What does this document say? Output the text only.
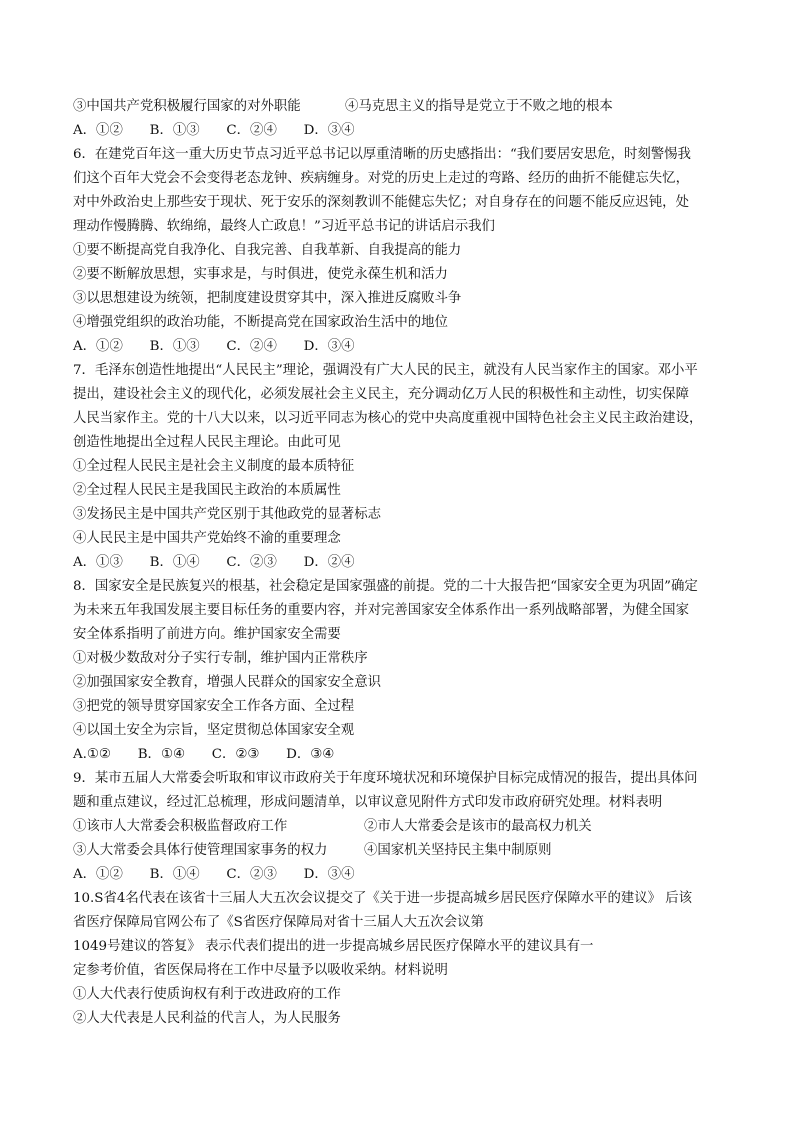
③中国共产党积极履行国家的对外职能	④马克思主义的指导是党立于不败之地的根本
A．①②　　B．①③　　C．②④　　D．③④
6．在建党百年这一重大历史节点习近平总书记以厚重清晰的历史感指出：“我们要居安思危，时刻警惕我
们这个百年大党会不会变得老态龙钟、疾病缠身。对党的历史上走过的弯路、经历的曲折不能健忘失忆，
对中外政治史上那些安于现状、死于安乐的深刻教训不能健忘失忆；对自身存在的问题不能反应迟钝，处
理动作慢腾腾、软绵绵，最终人亡政息！”习近平总书记的讲话启示我们
①要不断提高党自我净化、自我完善、自我革新、自我提高的能力
②要不断解放思想，实事求是，与时俱进，使党永葆生机和活力
③以思想建设为统领，把制度建设贯穿其中，深入推进反腐败斗争
④增强党组织的政治功能，不断提高党在国家政治生活中的地位
A．①②　　B．①③　　C．②④　　D．③④
7．毛泽东创造性地提出“人民民主”理论，强调没有广大人民的民主，就没有人民当家作主的国家。邓小平
提出，建设社会主义的现代化，必须发展社会主义民主，充分调动亿万人民的积极性和主动性，切实保障
人民当家作主。党的十八大以来，以习近平同志为核心的党中央高度重视中国特色社会主义民主政治建设，
创造性地提出全过程人民民主理论。由此可见
①全过程人民民主是社会主义制度的最本质特征
②全过程人民民主是我国民主政治的本质属性
③发扬民主是中国共产党区别于其他政党的显著标志
④人民民主是中国共产党始终不渝的重要理念
A．①③　　B．①④　　C．②③　　D．②④
8．国家安全是民族复兴的根基，社会稳定是国家强盛的前提。党的二十大报告把“国家安全更为巩固”确定
为未来五年我国发展主要目标任务的重要内容，并对完善国家安全体系作出一系列战略部署，为健全国家
安全体系指明了前进方向。维护国家安全需要
①对极少数敌对分子实行专制，维护国内正常秩序
②加强国家安全教育，增强人民群众的国家安全意识
③把党的领导贯穿国家安全工作各方面、全过程
④以国土安全为宗旨，坚定贯彻总体国家安全观
A.①②　　B．①④　　C．②③　　D．③④
9．某市五届人大常委会听取和审议市政府关于年度环境状况和环境保护目标完成情况的报告，提出具体问
题和重点建议，经过汇总梳理，形成问题清单，以审议意见附件方式印发市政府研究处理。材料表明
①该市人大常委会积极监督政府工作	②市人大常委会是该市的最高权力机关
③人大常委会具体行使管理国家事务的权力	④国家机关坚持民主集中制原则
A．①②　　B．①④　　C．②③　　D．③④
10.S省4名代表在该省十三届人大五次会议提交了《关于进一步提高城乡居民医疗保障水平的建议》 后该
省医疗保障局官网公布了《S省医疗保障局对省十三届人大五次会议第
1049号建议的答复》 表示代表们提出的进一步提高城乡居民医疗保障水平的建议具有一
定参考价值，省医保局将在工作中尽量予以吸收采纳。材料说明
①人大代表行使质询权有利于改进政府的工作
②人大代表是人民利益的代言人，为人民服务
